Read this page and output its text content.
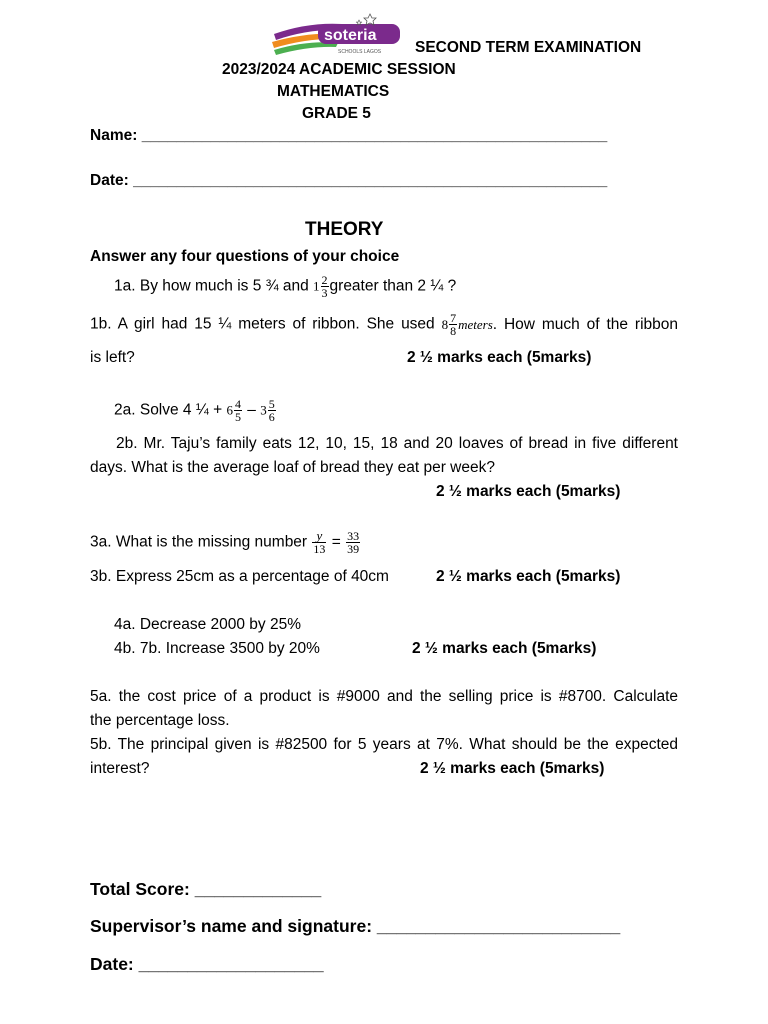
soteria
SCHOOLS LAGOS SECOND TERM EXAMINATION
2023/2024 ACADEMIC SESSION
MATHEMATICS
GRADE 5
Name: ______________________________________________________
Date: _______________________________________________________
THEORY
Answer any four questions of your choice
1a. By how much is 5 ¾ and $1 \frac{2}{3}$ greater than 2 ¼ ?
1b. A girl had 15 ¼ meters of ribbon. She used $8 \frac{7}{8}$ meters. How much of the ribbon
is left?	2 ½ marks each (5marks)
2a. Solve 4 ¼ + $6 \frac{4}{5} - 3 \frac{5}{6}$
2b. Mr. Taju’s family eats 12, 10, 15, 18 and 20 loaves of bread in five different
days. What is the average loaf of bread they eat per week?
2 ½ marks each (5marks)
3a. What is the missing number $\frac{y}{13} = \frac{33}{39}$
3b. Express 25cm as a percentage of 40cm	2 ½ marks each (5marks)
4a. Decrease 2000 by 25%
4b. 7b. Increase 3500 by 20%	2 ½ marks each (5marks)
5a. the cost price of a product is #9000 and the selling price is #8700. Calculate
the percentage loss.
5b. The principal given is #82500 for 5 years at 7%. What should be the expected
interest?	2 ½ marks each (5marks)
Total Score: _____________
Supervisor’s name and signature: _________________________
Date: ___________________
